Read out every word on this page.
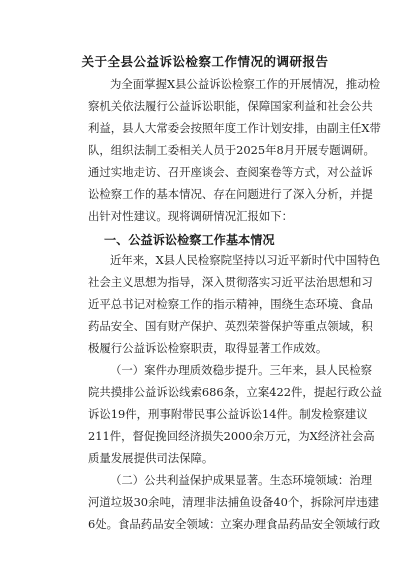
关于全县公益诉讼检察工作情况的调研报告
为全面掌握X县公益诉讼检察工作的开展情况，推动检
察机关依法履行公益诉讼职能，保障国家利益和社会公共
利益，县人大常委会按照年度工作计划安排，由副主任X带
队，组织法制工委相关人员于2025年8月开展专题调研。
通过实地走访、召开座谈会、查阅案卷等方式，对公益诉
讼检察工作的基本情况、存在问题进行了深入分析，并提
出针对性建议。现将调研情况汇报如下：
一、公益诉讼检察工作基本情况
近年来，X县人民检察院坚持以习近平新时代中国特色
社会主义思想为指导，深入贯彻落实习近平法治思想和习
近平总书记对检察工作的指示精神，围绕生态环境、食品
药品安全、国有财产保护、英烈荣誉保护等重点领域，积
极履行公益诉讼检察职责，取得显著工作成效。
（一）案件办理质效稳步提升。三年来，县人民检察
院共摸排公益诉讼线索686条，立案422件，提起行政公益
诉讼19件，刑事附带民事公益诉讼14件。制发检察建议
211件，督促挽回经济损失2000余万元，为X经济社会高
质量发展提供司法保障。
（二）公共利益保护成果显著。生态环境领域：治理
河道垃圾30余吨，清理非法捕鱼设备40个，拆除河岸违建
6处。食品药品安全领域：立案办理食品药品安全领域行政
